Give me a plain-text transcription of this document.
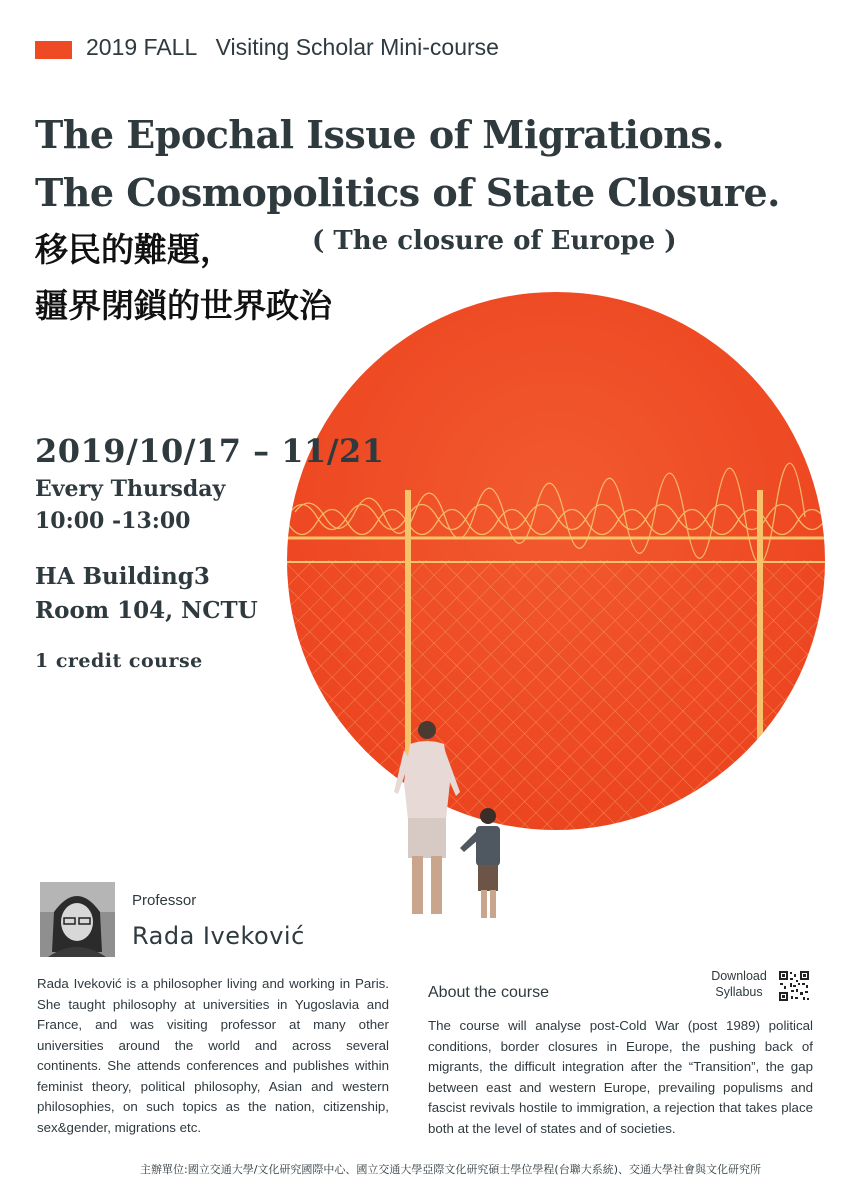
2019 FALL   Visiting Scholar Mini-course
The Epochal Issue of Migrations.
The Cosmopolitics of State Closure.
移民的難題，
疆界閉鎖的世界政治
( The closure of Europe )
2019/10/17 – 11/21
Every Thursday
10:00 -13:00
HA Building3
Room 104, NCTU
1 credit course
Professor
Rada Iveković
Rada Iveković is a philosopher living and working in Paris. She taught philosophy at universities in Yugoslavia and France, and was visiting professor at many other universities around the world and across several continents. She attends conferences and publishes within feminist theory, political philosophy, Asian and western philosophies, on such topics as the nation, citizenship, sex&gender, migrations etc.
About the course
The course will analyse post-Cold War (post 1989) political conditions, border closures in Europe, the pushing back of migrants, the difficult integration after the “Transition”, the gap between east and western Europe, prevailing populisms and fascist revivals hostile to immigration, a rejection that takes place both at the level of states and of societies.
Download
Syllabus
主辦單位:國立交通大學/文化研究國際中心、國立交通大學亞際文化研究碩士學位學程(台聯大系統)、交通大學社會與文化研究所
